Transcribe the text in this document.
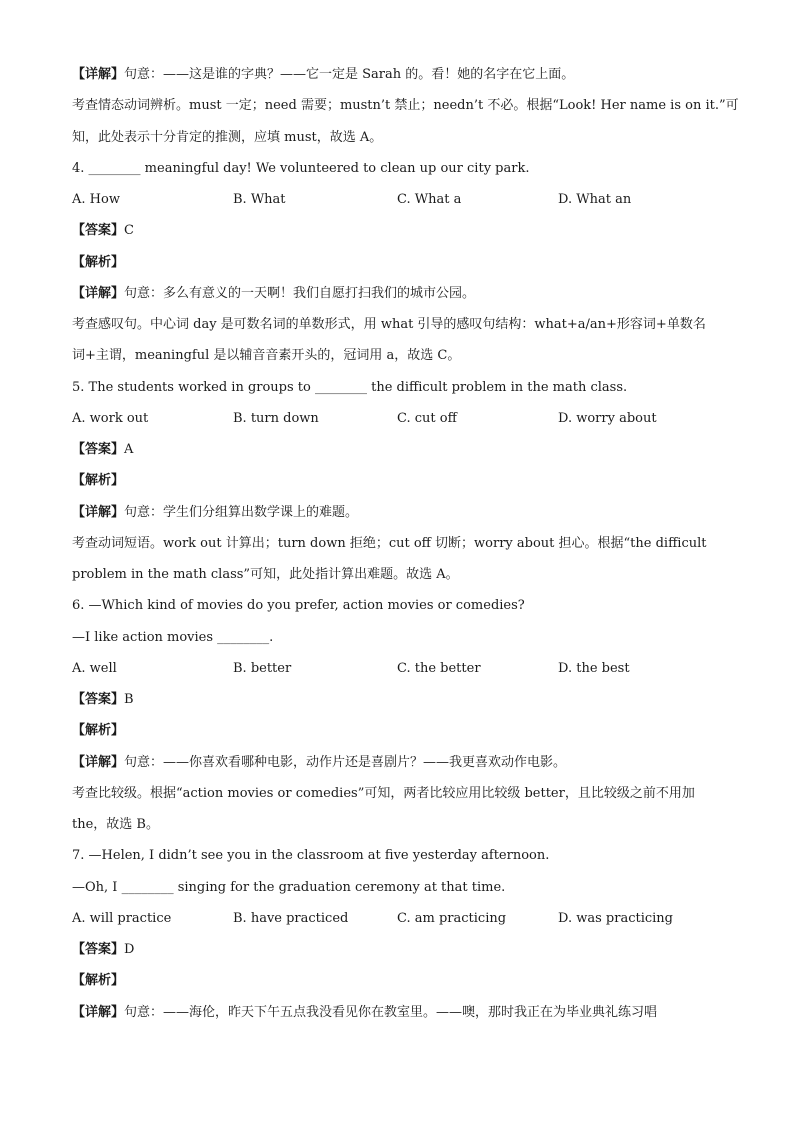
【详解】句意：——这是谁的字典？——它一定是 Sarah 的。看！她的名字在它上面。
考查情态动词辨析。must 一定；need 需要；mustn’t 禁止；needn’t 不必。根据“Look! Her name is on it.”可
知，此处表示十分肯定的推测，应填 must，故选 A。
4. ________ meaningful day! We volunteered to clean up our city park.
A. How	B. What	C. What a	D. What an
【答案】C
【解析】
【详解】句意：多么有意义的一天啊！我们自愿打扫我们的城市公园。
考查感叹句。中心词 day 是可数名词的单数形式，用 what 引导的感叹句结构：what+a/an+形容词+单数名
词+主谓，meaningful 是以辅音音素开头的，冠词用 a，故选 C。
5. The students worked in groups to ________ the difficult problem in the math class.
A. work out	B. turn down	C. cut off	D. worry about
【答案】A
【解析】
【详解】句意：学生们分组算出数学课上的难题。
考查动词短语。work out 计算出；turn down 拒绝；cut off 切断；worry about 担心。根据“the difficult
problem in the math class”可知，此处指计算出难题。故选 A。
6. —Which kind of movies do you prefer, action movies or comedies?
—I like action movies ________.
A. well	B. better	C. the better	D. the best
【答案】B
【解析】
【详解】句意：——你喜欢看哪种电影，动作片还是喜剧片？——我更喜欢动作电影。
考查比较级。根据“action movies or comedies”可知，两者比较应用比较级 better，且比较级之前不用加
the，故选 B。
7. —Helen, I didn’t see you in the classroom at five yesterday afternoon.
—Oh, I ________ singing for the graduation ceremony at that time.
A. will practice	B. have practiced	C. am practicing	D. was practicing
【答案】D
【解析】
【详解】句意：——海伦，昨天下午五点我没看见你在教室里。——噢，那时我正在为毕业典礼练习唱
